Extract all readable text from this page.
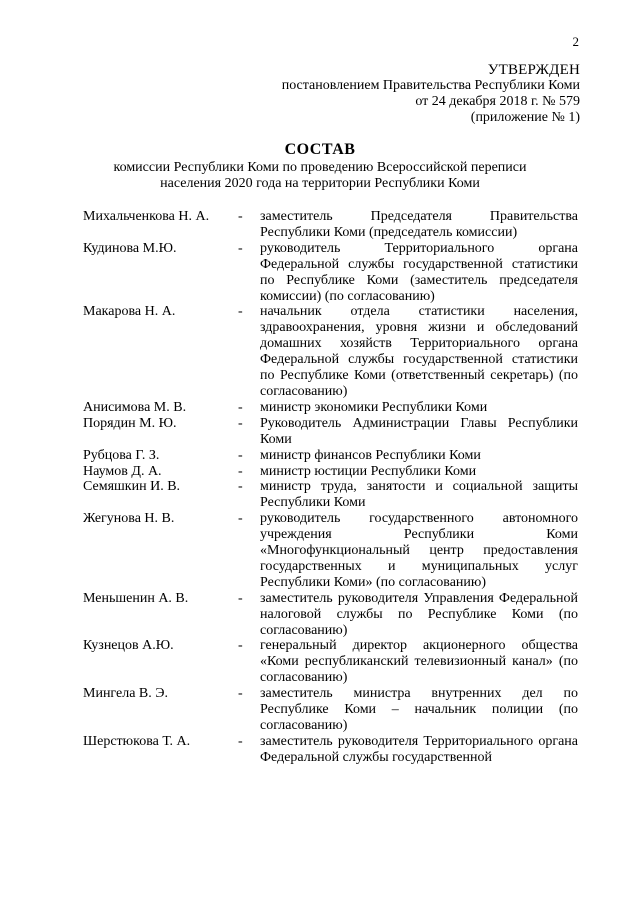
2
УТВЕРЖДЕН
постановлением Правительства Республики Коми
от 24 декабря 2018 г. № 579
(приложение № 1)
СОСТАВ
комиссии Республики Коми по проведению Всероссийской переписи
населения 2020 года на территории Республики Коми
Михальченкова Н. А.	-	заместитель Председателя Правительства Республики Коми (председатель комиссии)
Кудинова М.Ю.	-	руководитель Территориального органа Федеральной службы государственной статистики по Республике Коми (заместитель председателя комиссии) (по согласованию)
Макарова Н. А.	-	начальник отдела статистики населения, здравоохранения, уровня жизни и обследований домашних хозяйств Территориального органа Федеральной службы государственной статистики по Республике Коми (ответственный секретарь) (по согласованию)
Анисимова М. В.	-	министр экономики Республики Коми
Порядин М. Ю.	-	Руководитель Администрации Главы Республики Коми
Рубцова Г. З.	-	министр финансов Республики Коми
Наумов Д. А.	-	министр юстиции Республики Коми
Семяшкин И. В.	-	министр труда, занятости и социальной защиты Республики Коми
Жегунова Н. В.	-	руководитель государственного автономного учреждения Республики Коми «Многофункциональный центр предоставления государственных и муниципальных услуг Республики Коми» (по согласованию)
Меньшенин А. В.	-	заместитель руководителя Управления Федеральной налоговой службы по Республике Коми (по согласованию)
Кузнецов А.Ю.	-	генеральный директор акционерного общества «Коми республиканский телевизионный канал» (по согласованию)
Мингела В. Э.	-	заместитель министра внутренних дел по Республике Коми – начальник полиции (по согласованию)
Шерстюкова Т. А.	-	заместитель руководителя Территориального органа Федеральной службы государственной
